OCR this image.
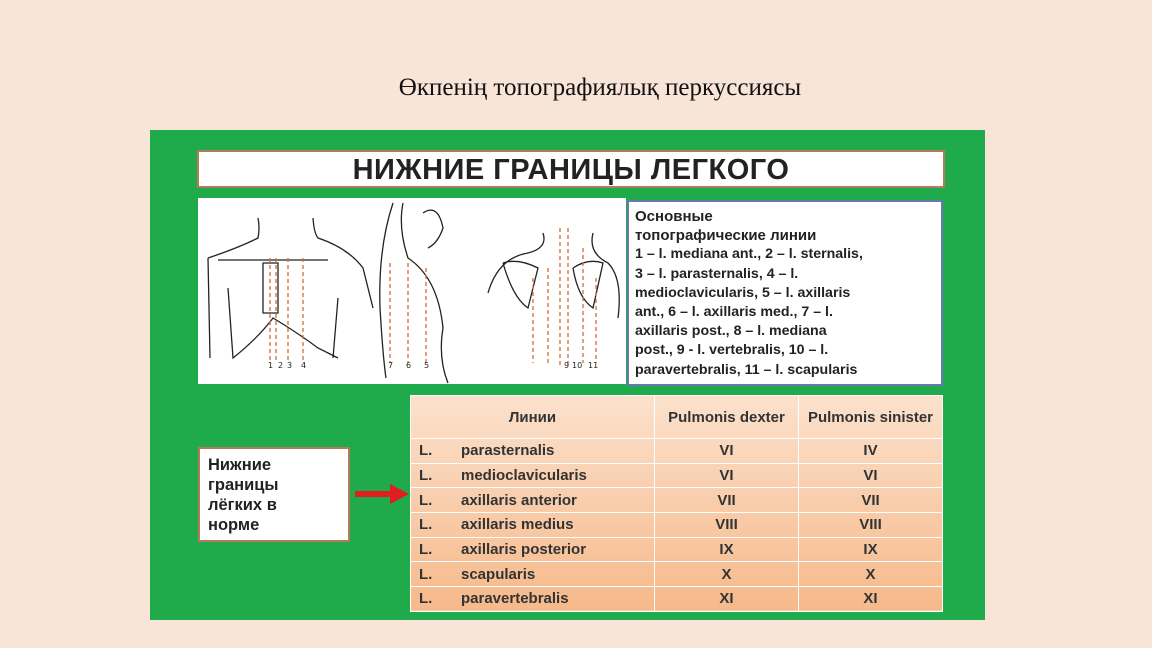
Өкпенің топографиялық перкуссиясы
НИЖНИЕ ГРАНИЦЫ ЛЕГКОГО
1 2 3 4	7 6 5	9 10 11
Основные
топографические линии
1 – l. mediana ant., 2 – l. sternalis,
3 – l. parasternalis, 4 – l.
medioclavicularis, 5 – l. axillaris
ant., 6 – l. axillaris med., 7 – l.
axillaris post., 8 – l. mediana
post., 9 - l. vertebralis, 10 – l.
paravertebralis, 11 – l. scapularis
Нижние
границы
лёгких в
норме
Линии	Pulmonis dexter	Pulmonis sinister
L. parasternalis	VI	IV
L. medioclavicularis	VI	VI
L. axillaris anterior	VII	VII
L. axillaris medius	VIII	VIII
L. axillaris posterior	IX	IX
L. scapularis	X	X
L. paravertebralis	XI	XI
